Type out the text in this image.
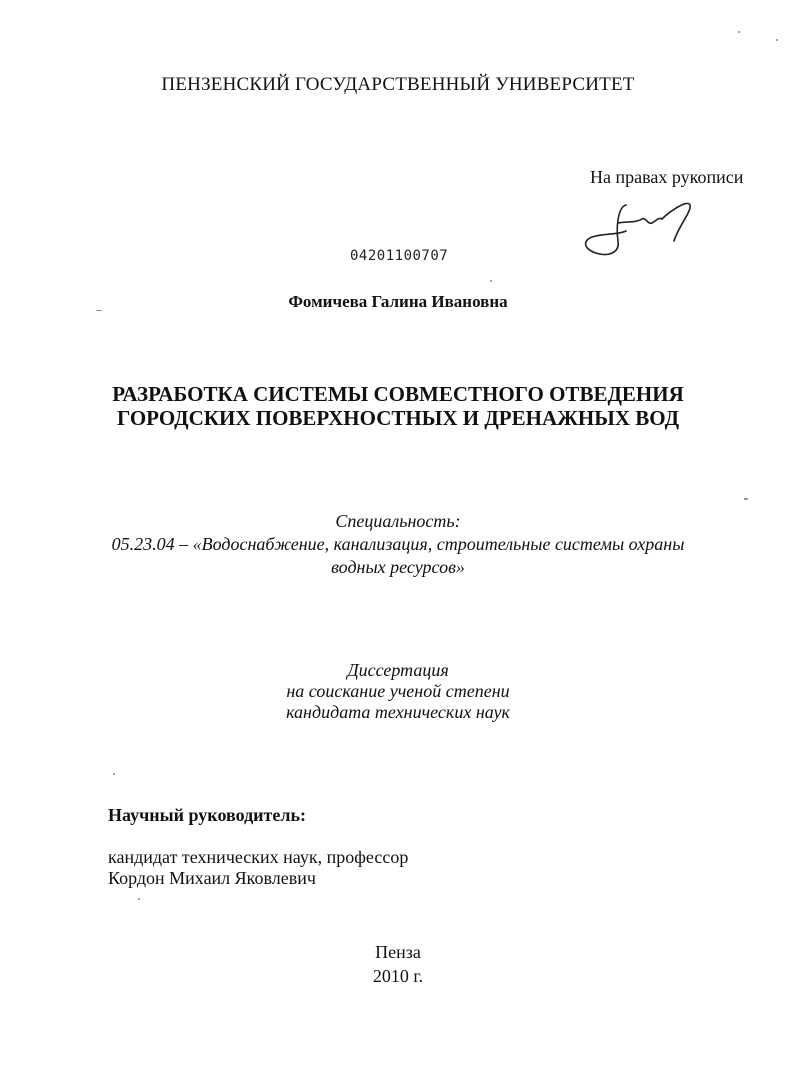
ПЕНЗЕНСКИЙ ГОСУДАРСТВЕННЫЙ УНИВЕРСИТЕТ
На правах рукописи
04201100707
Фомичева Галина Ивановна
РАЗРАБОТКА СИСТЕМЫ СОВМЕСТНОГО ОТВЕДЕНИЯ
ГОРОДСКИХ ПОВЕРХНОСТНЫХ И ДРЕНАЖНЫХ ВОД
Специальность:
05.23.04 – «Водоснабжение, канализация, строительные системы охраны
водных ресурсов»
Диссертация
на соискание ученой степени
кандидата технических наук
Научный руководитель:
кандидат технических наук, профессор
Кордон Михаил Яковлевич
Пенза
2010 г.
